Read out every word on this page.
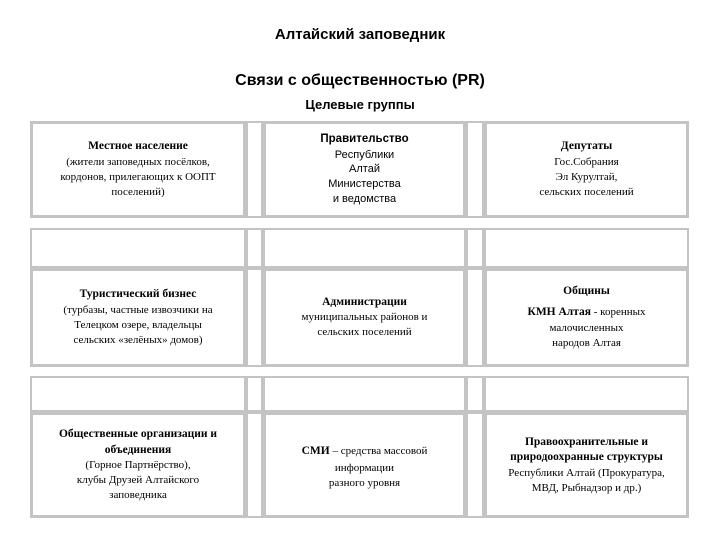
Алтайский заповедник
Связи с общественностью (PR)
Целевые группы
Местное население
(жители заповедных посёлков,
кордонов, прилегающих к ООПТ
поселений)
Правительство
Республики
Алтай
Министерства
и ведомства
Депутаты
Гос.Собрания
Эл Курултай,
сельских поселений
Туристический бизнес
(турбазы, частные извозчики на
Телецком озере, владельцы
сельских «зелёных» домов)
Администрации
муниципальных районов и
сельских поселений
Общины
КМН Алтая - коренных
малочисленных
народов Алтая
Общественные организации и
объединения
(Горное Партнёрство),
клубы Друзей Алтайского
заповедника
СМИ – средства массовой
информации
разного уровня
Правоохранительные и
природоохранные структуры
Республики Алтай (Прокуратура,
МВД, Рыбнадзор и др.)
